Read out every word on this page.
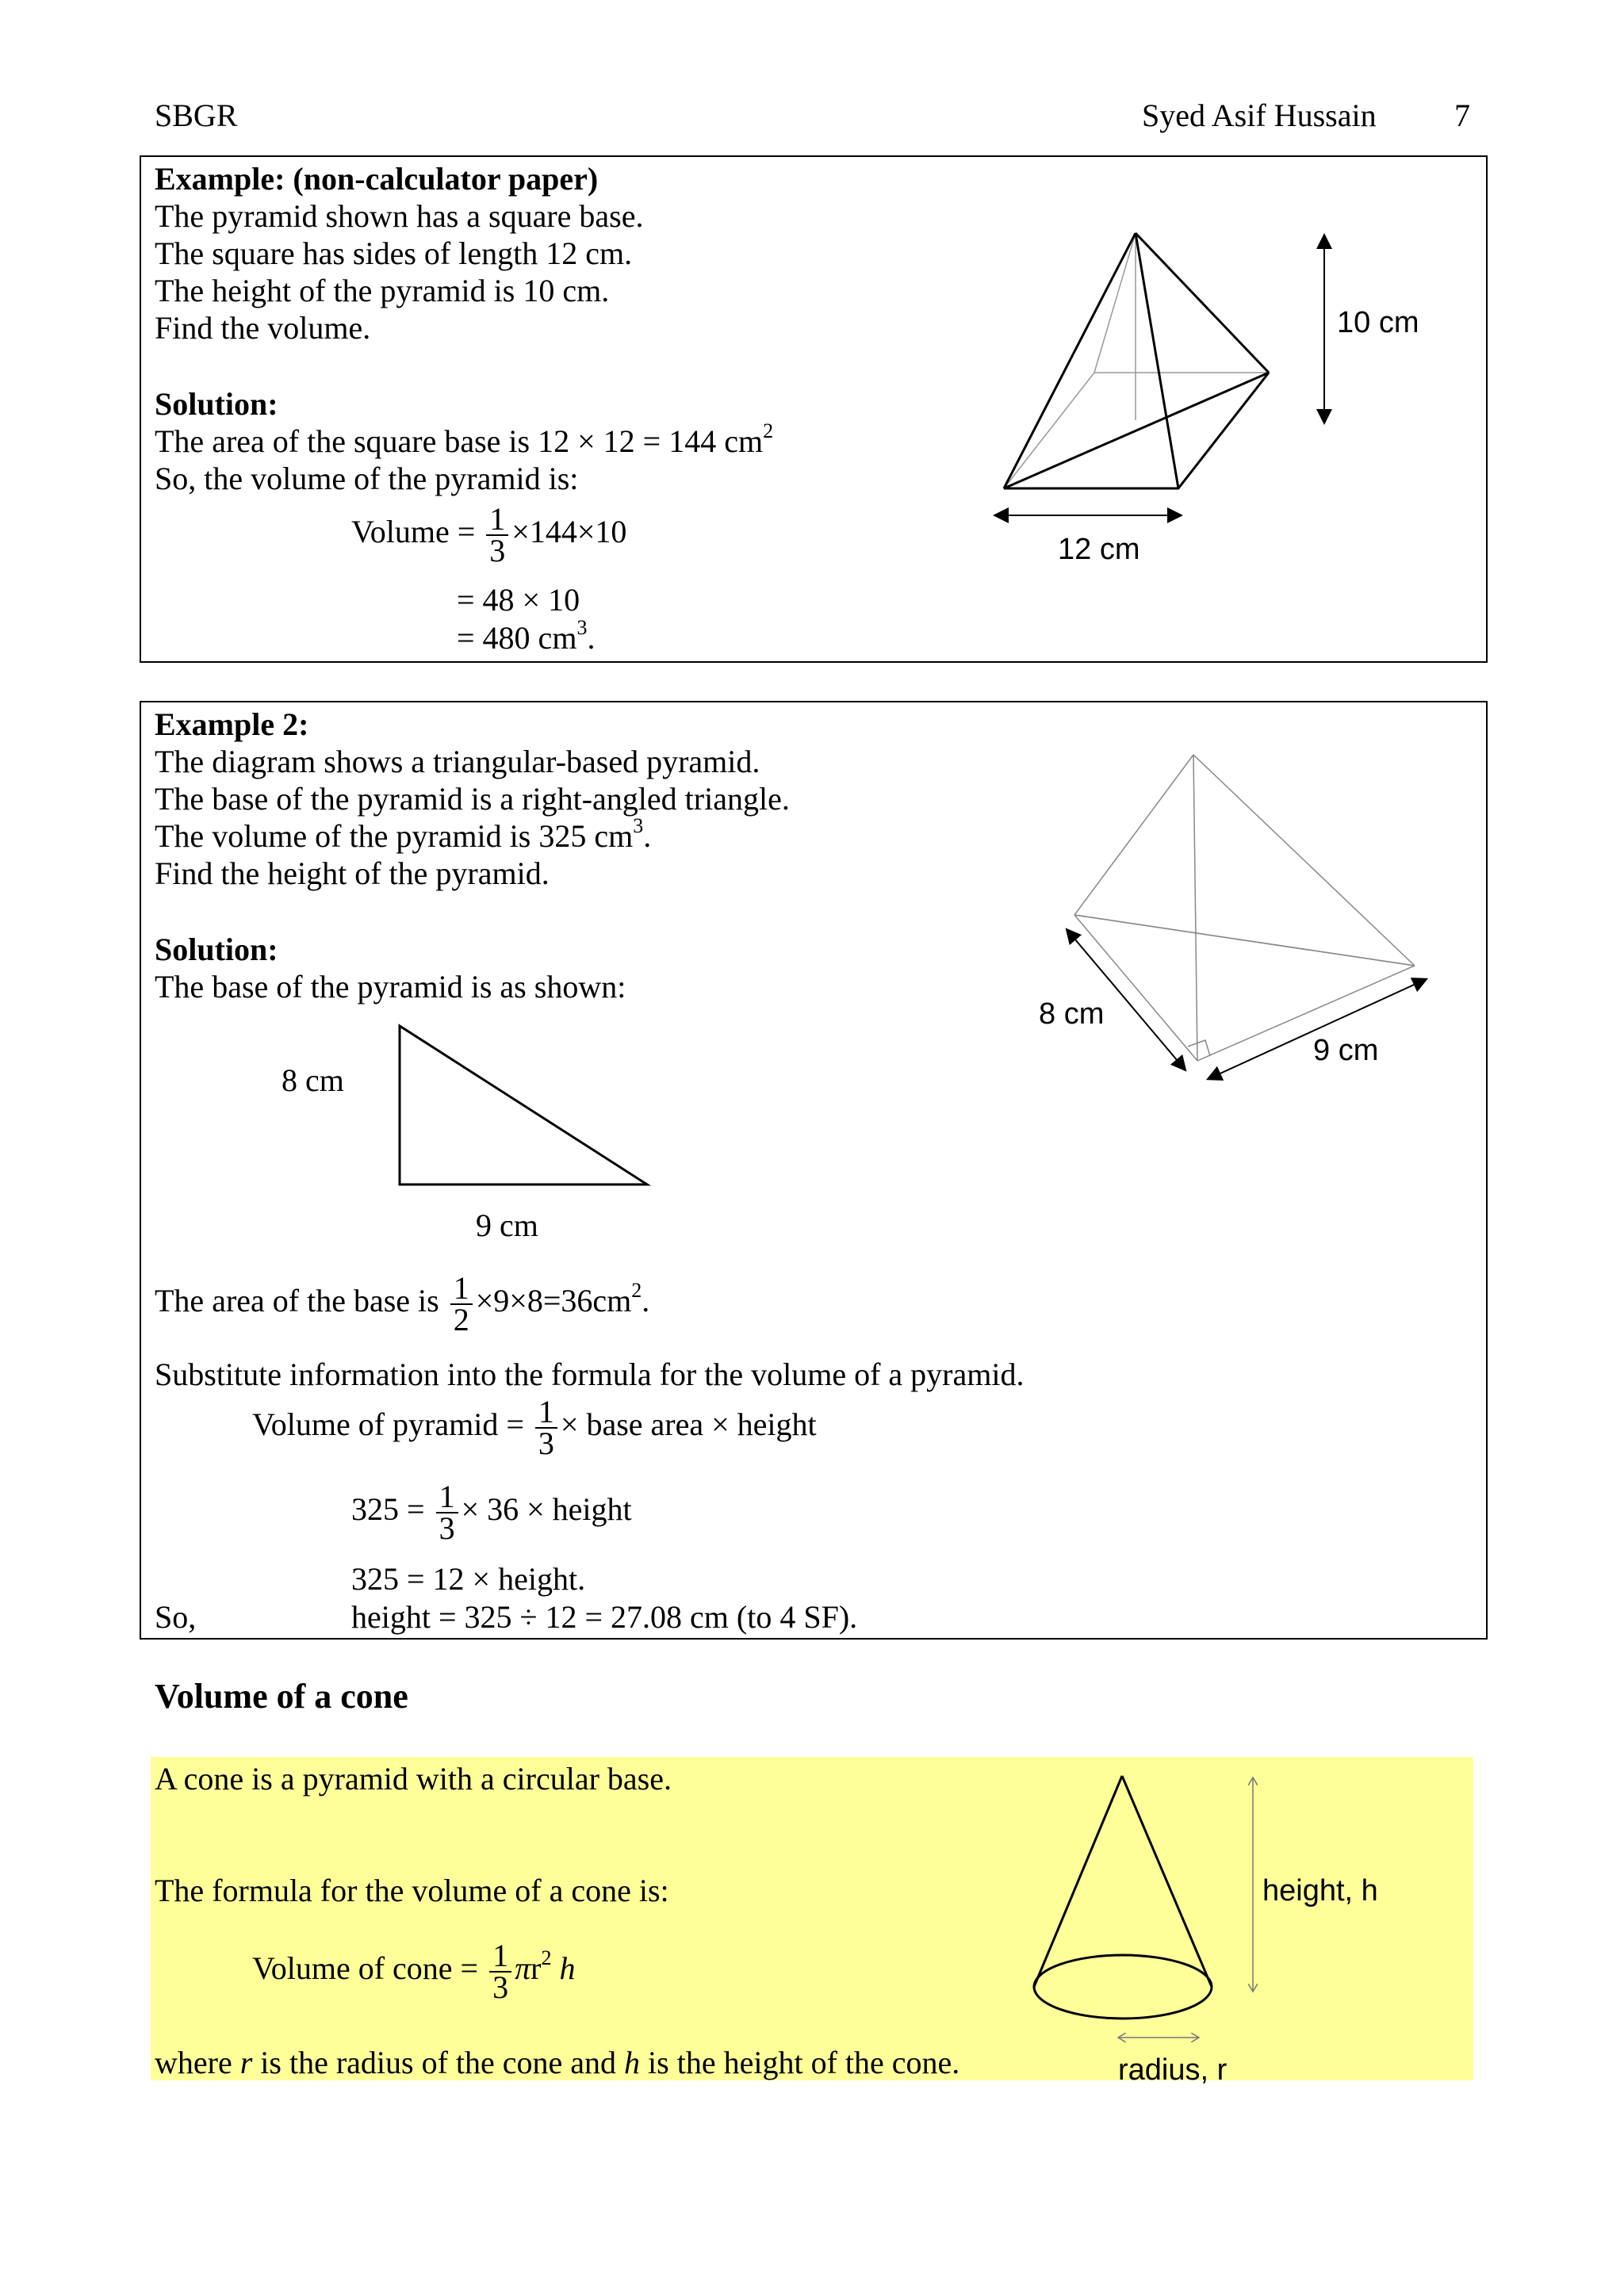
SBGR	Syed Asif Hussain 7
Example: (non-calculator paper)
The pyramid shown has a square base.
The square has sides of length 12 cm.
The height of the pyramid is 10 cm.
Find the volume.
Solution:
The area of the square base is 12 × 12 = 144 $cm^2$
So, the volume of the pyramid is:
Volume = $\frac{1}{3} \times 144\times 10$
= 48 × 10
= 480 $cm^3$.
10 cm
12 cm
Example 2:
The diagram shows a triangular-based pyramid.
The base of the pyramid is a right-angled triangle.
The volume of the pyramid is 325 $cm^3$.
Find the height of the pyramid.
Solution:
The base of the pyramid is as shown:
8 cm
9 cm
8 cm
9 cm
The area of the base is $\frac{1}{2} \times 9\times 8=36cm^2$.
Substitute information into the formula for the volume of a pyramid.
Volume of pyramid = $\frac{1}{3}$ × base area × height
$325 = \frac{1}{3} \times 36$ × height
325 = 12 × height.
So,	height = 325 ÷ 12 = 27.08 cm (to 4 SF).
Volume of a cone
A cone is a pyramid with a circular base.
The formula for the volume of a cone is:
Volume of cone = $\frac{1}{3} \pi r^2$ h
where r is the radius of the cone and h is the height of the cone.
height, h
radius, r
